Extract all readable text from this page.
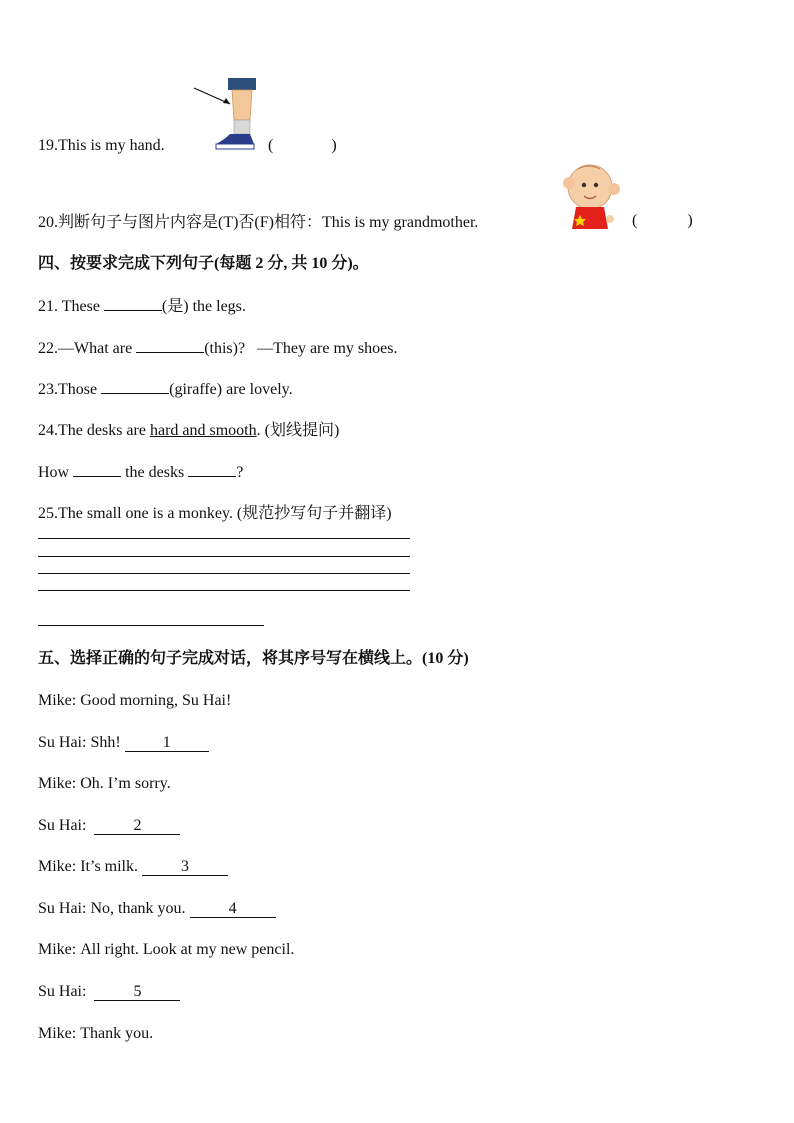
19.This is my hand.	(	)
20.判断句子与图片内容是(T)否(F)相符：This is my grandmother.	(	)
四、按要求完成下列句子(每题 2 分, 共 10 分)。
21. These	(是) the legs.
22.—What are	(this)? —They are my shoes.
23.Those	(giraffe) are lovely.
24.The desks are hard and smooth. (划线提问)
How	the desks	?
25.The small one is a monkey. (规范抄写句子并翻译)
五、选择正确的句子完成对话，将其序号写在横线上。(10 分)
Mike: Good morning, Su Hai!
Su Hai: Shh!	1
Mike: Oh. I’m sorry.
Su Hai:	2
Mike: It’s milk.	3
Su Hai: No, thank you.	4
Mike: All right. Look at my new pencil.
Su Hai:	5
Mike: Thank you.
